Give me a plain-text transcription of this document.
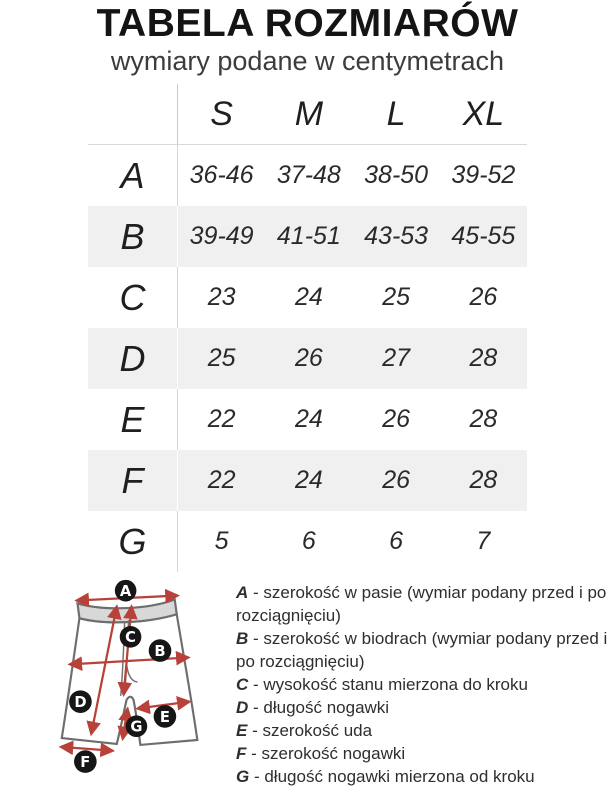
TABELA ROZMIARÓW
wymiary podane w centymetrach
S	M	L	XL
A	36-46 37-48 38-50 39-52
B	39-49 41-51 43-53 45-55
C	23	24	25	26
D	25	26	27	28
E	22	24	26	28
F	22	24	26	28
G	5	6	6	7
A
B
C
D
E
F
G
A - szerokość w pasie (wymiar podany przed i po rozciągnięciu)
B - szerokość w biodrach (wymiar podany przed i po rozciągnięciu)
C - wysokość stanu mierzona do kroku
D - długość nogawki
E - szerokość uda
F - szerokość nogawki
G - długość nogawki mierzona od kroku
